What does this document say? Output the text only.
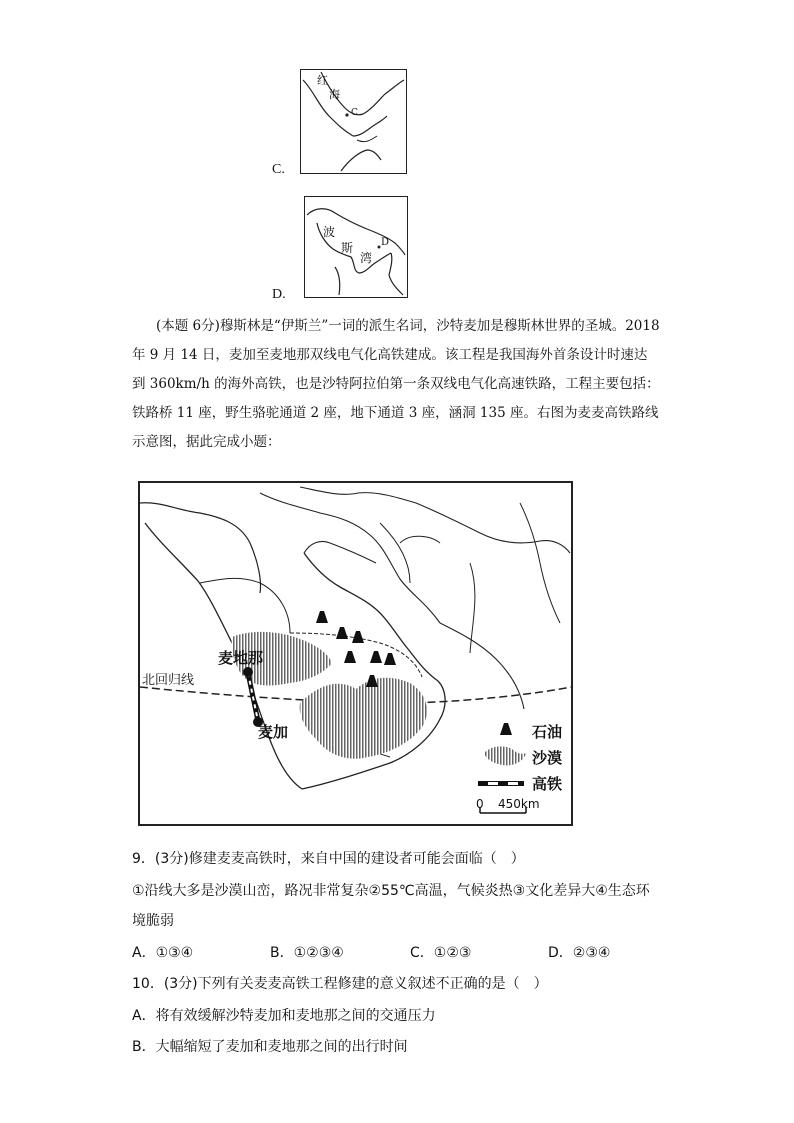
C.
红
海
C
D.
波
斯
湾
D

(本题 6分)穆斯林是“伊斯兰”一词的派生名词，沙特麦加是穆斯林世界的圣城。2018

年 9 月 14 日，麦加至麦地那双线电气化高铁建成。该工程是我国海外首条设计时速达

到 360km/h 的海外高铁，也是沙特阿拉伯第一条双线电气化高速铁路，工程主要包括：

铁路桥 11 座，野生骆驼通道 2 座，地下通道 3 座，涵洞 135 座。右图为麦麦高铁路线

示意图，据此完成小题：

麦地那
麦加
北回归线
石油
沙漠
高铁
0 450km
9．(3分)修建麦麦高铁时，来自中国的建设者可能会面临（　）
①沿线大多是沙漠山峦，路况非常复杂②55℃高温，气候炎热③文化差异大④生态环
境脆弱
A．①③④	B．①②③④	C．①②③	D．②③④
10．(3分)下列有关麦麦高铁工程修建的意义叙述不正确的是（　）
A．将有效缓解沙特麦加和麦地那之间的交通压力
B．大幅缩短了麦加和麦地那之间的出行时间
